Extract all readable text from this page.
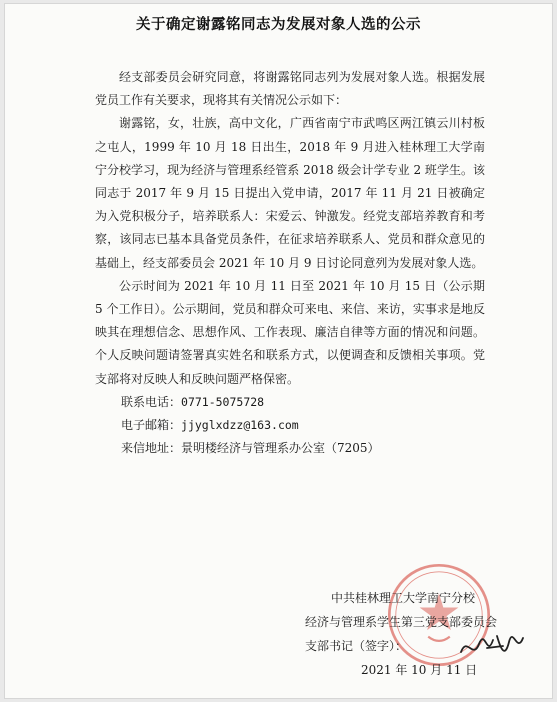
关于确定谢露铭同志为发展对象人选的公示

经支部委员会研究同意，将谢露铭同志列为发展对象人选。根据发展党员工作有关要求，现将其有关情况公示如下：

谢露铭，女，壮族，高中文化，广西省南宁市武鸣区两江镇云川村板之屯人，1999 年 10 月 18 日出生，2018 年 9 月进入桂林理工大学南宁分校学习，现为经济与管理系经管系 2018 级会计学专业 2 班学生。该同志于 2017 年 9 月 15 日提出入党申请，2017 年 11 月 21 日被确定为入党积极分子，培养联系人：宋爱云、钟激发。经党支部培养教育和考察，该同志已基本具备党员条件，在征求培养联系人、党员和群众意见的基础上，经支部委员会 2021 年 10 月 9 日讨论同意列为发展对象人选。

公示时间为 2021 年 10 月 11 日至 2021 年 10 月 15 日（公示期 5 个工作日）。公示期间，党员和群众可来电、来信、来访，实事求是地反映其在理想信念、思想作风、工作表现、廉洁自律等方面的情况和问题。个人反映问题请签署真实姓名和联系方式，以便调查和反馈相关事项。党支部将对反映人和反映问题严格保密。

联系电话：0771-5075728

电子邮箱：jjyglxdzz@163.com

来信地址：景明楼经济与管理系办公室（7205）

中共桂林理工大学南宁分校
经济与管理系学生第三党支部委员会
支部书记（签字）：
2021 年 10 月 11 日
